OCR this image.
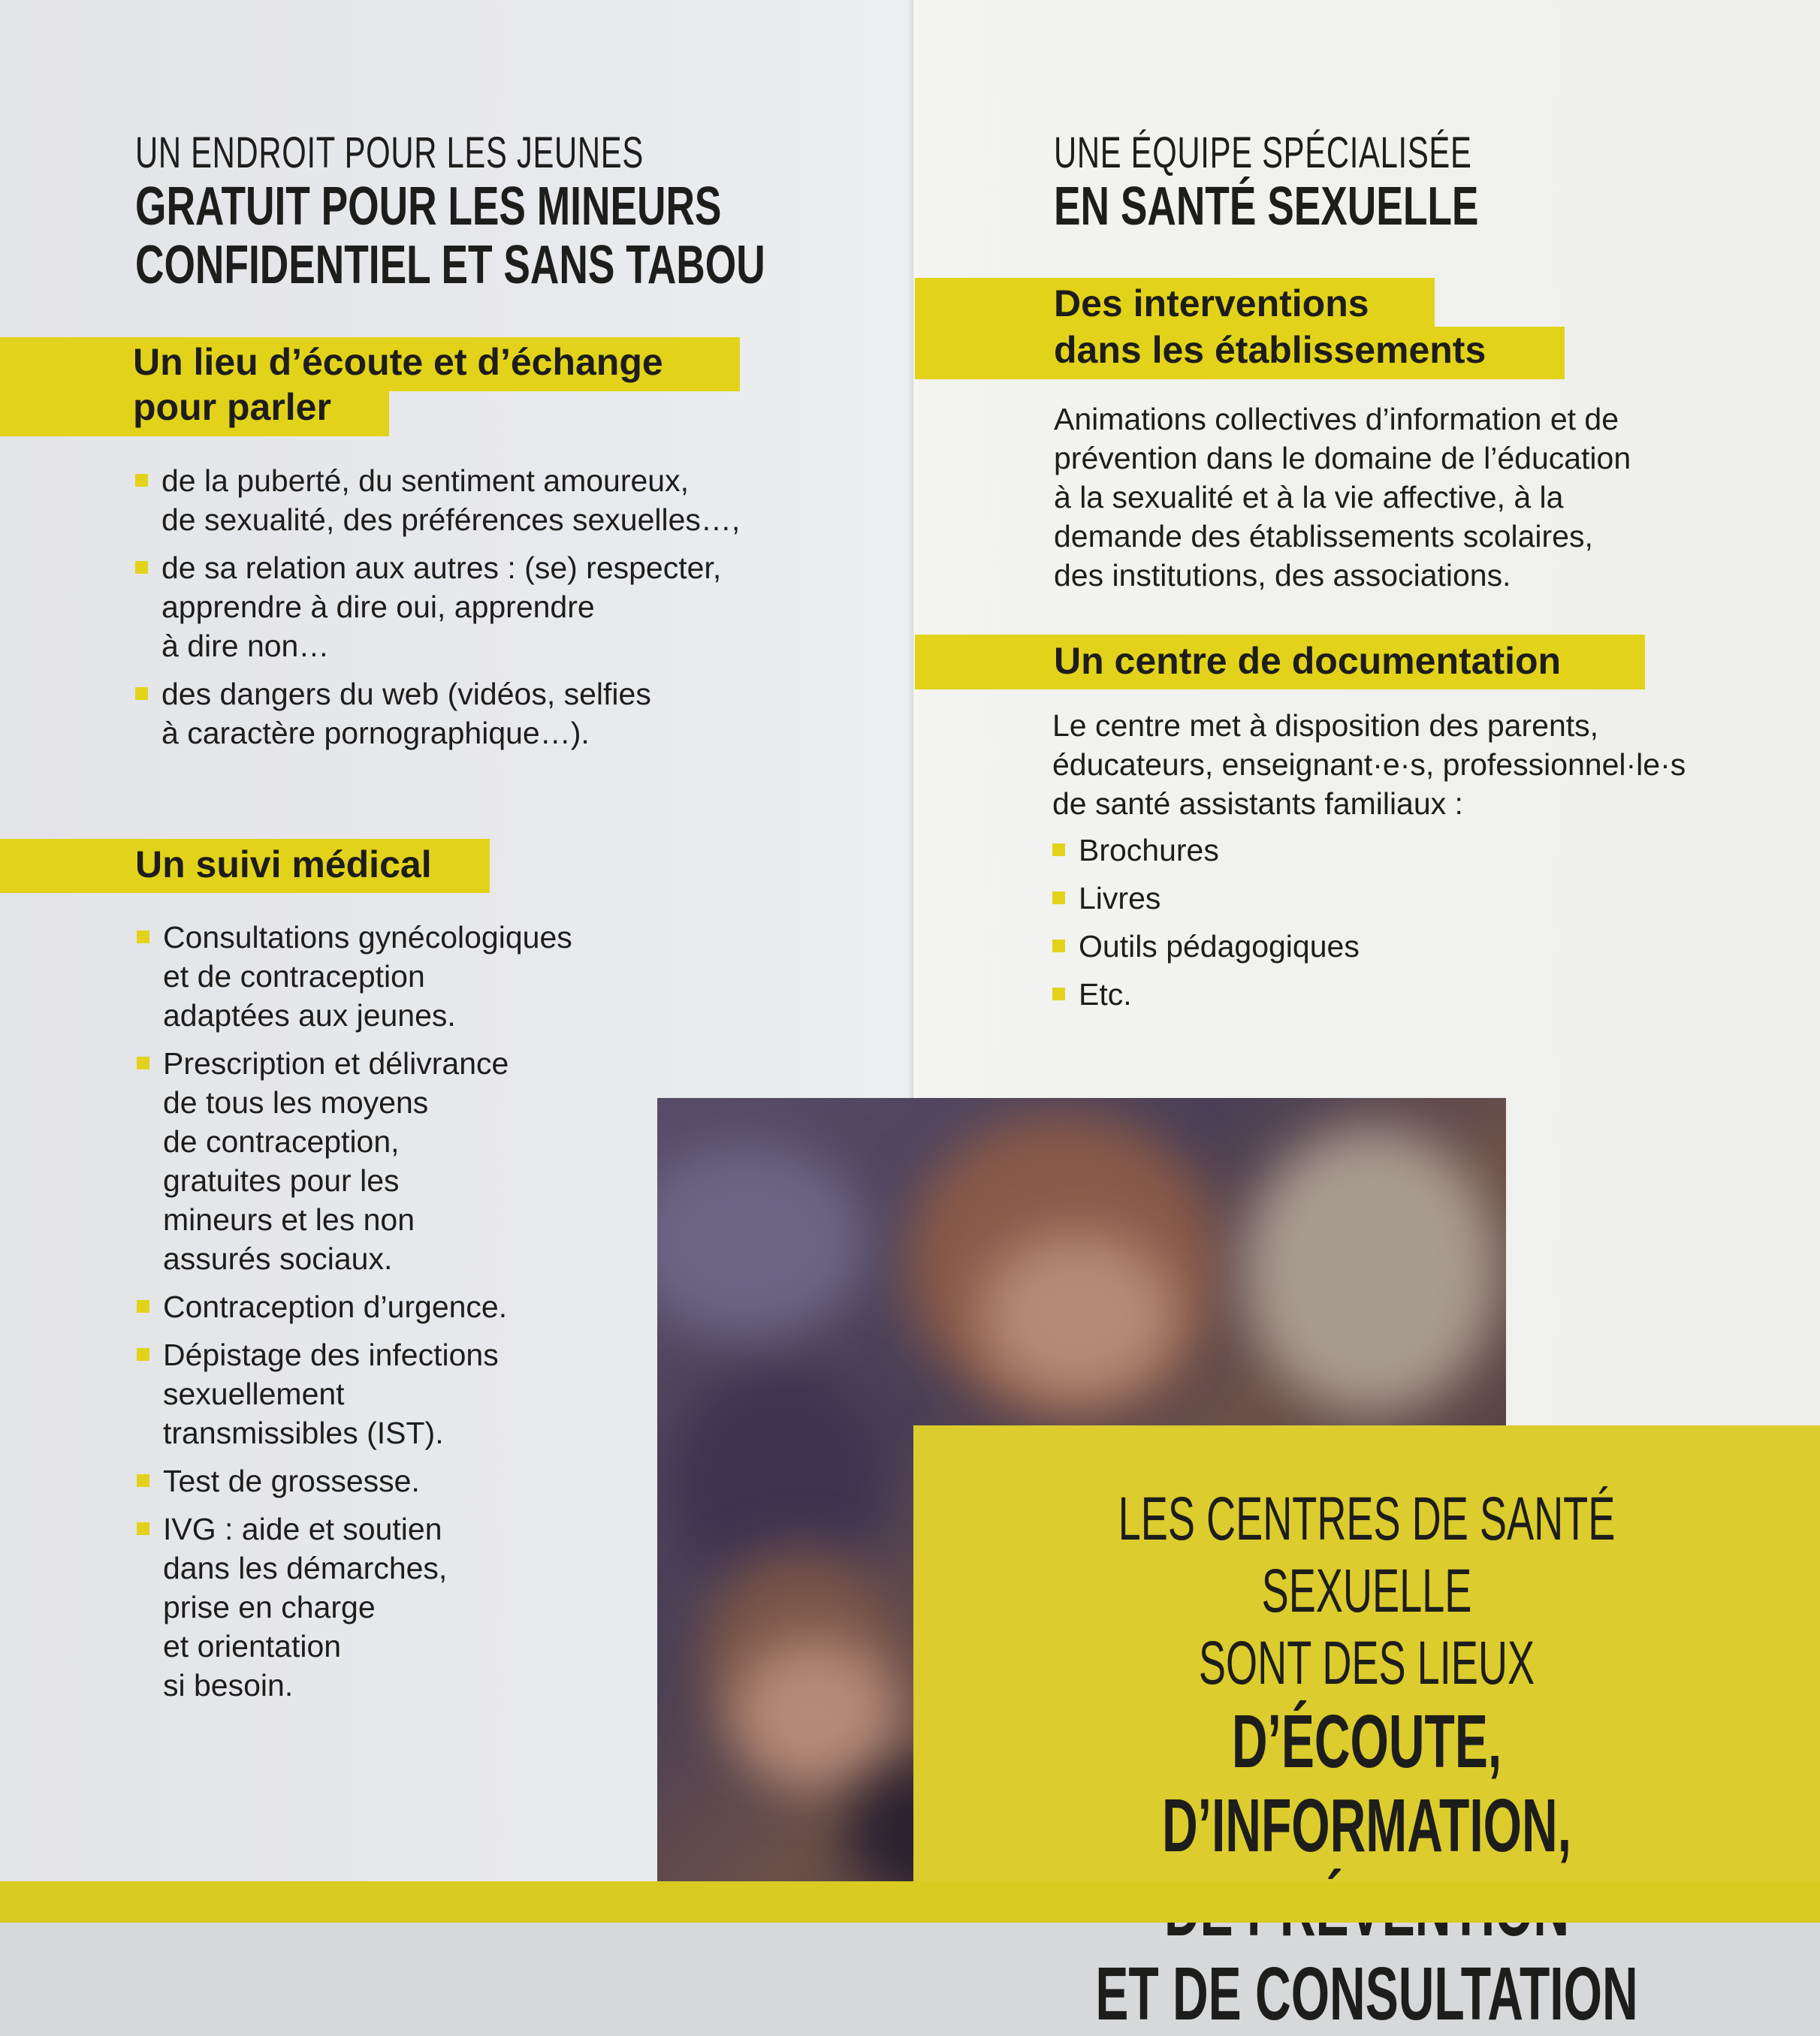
UN ENDROIT POUR LES JEUNES
GRATUIT POUR LES MINEURS
CONFIDENTIEL ET SANS TABOU
Un lieu d’écoute et d’échange
pour parler
de la puberté, du sentiment amoureux,
de sexualité, des préférences sexuelles…,
de sa relation aux autres : (se) respecter,
apprendre à dire oui, apprendre
à dire non…
des dangers du web (vidéos, selfies
à caractère pornographique…).
Un suivi médical
Consultations gynécologiques
et de contraception
adaptées aux jeunes.
Prescription et délivrance
de tous les moyens
de contraception,
gratuites pour les
mineurs et les non
assurés sociaux.
Contraception d’urgence.
Dépistage des infections
sexuellement
transmissibles (IST).
Test de grossesse.
IVG : aide et soutien
dans les démarches,
prise en charge
et orientation
si besoin.
UNE ÉQUIPE SPÉCIALISÉE
EN SANTÉ SEXUELLE
Des interventions
dans les établissements
Animations collectives d’information et de
prévention dans le domaine de l’éducation
à la sexualité et à la vie affective, à la
demande des établissements scolaires,
des institutions, des associations.
Un centre de documentation
Le centre met à disposition des parents,
éducateurs, enseignant·e·s, professionnel·le·s
de santé assistants familiaux :
Brochures
Livres
Outils pédagogiques
Etc.
LES CENTRES DE SANTÉ SEXUELLE
SONT DES LIEUX
D’ÉCOUTE, D’INFORMATION,
ET DE CONSULTATION
